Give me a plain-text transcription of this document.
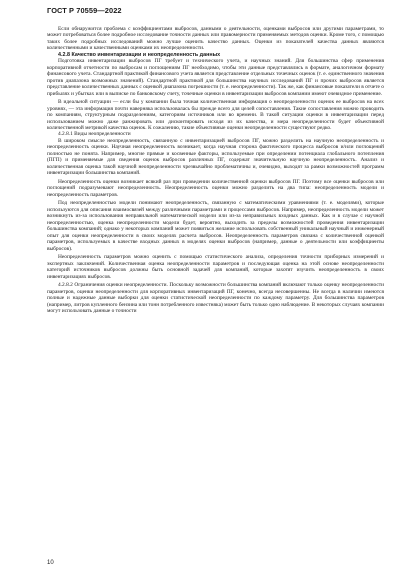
ГОСТ Р 70559—2022

Если обнаружится проблема с коэффициентами выбросов, данными о деятельности, оценками выбросов или другими параметрами, то может потребоваться более подробное исследование точности данных или правомерности применяемых методов оценки. Кроме того, с помощью таких более подробных исследований можно лучше оценить качество данных. Оценки из показателей качества данных являются количественными и качественными оценками их неопределенности.

4.2.8 Качество инвентаризации и неопределенность данных

Подготовка инвентаризации выбросов ПГ требует и технического учета, и научных знаний. Для большинства сфер применения корпоративной отчетности по выбросам и поглощениям ПГ необходимо, чтобы эти данные представлялись в формате, аналогичном формату финансового учета. Стандартной практикой финансового учета является представление отдельных точечных оценок (т. е. единственного значения против диапазона возможных значений). Стандартной практикой для большинства научных исследований ПГ и прочих выбросов является представление количественных данных с оценкой диапазона погрешности (т. е. неопределенности). Так же, как финансовые показатели в отчете о прибылях и убытках или в выписке по банковскому счету, точечные оценки в инвентаризации выбросов компании имеют очевидное применение.

В идеальной ситуации — если бы у компании была точная количественная информация о неопределенности оценок ее выбросов на всех уровнях, — эта информация почти наверняка использовалась бы прежде всего для целей сопоставления. Такие сопоставления можно проводить по компаниям, структурным подразделениям, категориям источников или во времени. В такой ситуации оценки в инвентаризации перед использованием можно даже ранжировать или дисконтировать исходя из их качества, и мера неопределенности будет объективной количественной метрикой качества оценок. К сожалению, такие объективные оценки неопределенности существуют редко.

4.2.8.1 Виды неопределенности

В широком смысле неопределенность, связанную с инвентаризацией выбросов ПГ, можно разделить на научную неопределенность и неопределенность оценки. Научная неопределенность возникает, когда научная сторона фактического процесса выбросов и/или поглощений полностью не понята. Например, многие прямые и косвенные факторы, используемые при определении потенциала глобального потепления (ПГП) и применяемые для сведения оценок выбросов различных ПГ, содержат значительную научную неопределенность. Анализ и количественная оценка такой научной неопределенности чрезвычайно проблематичны и, очевидно, выходят за рамки возможностей программ инвентаризации большинства компаний.

Неопределенность оценки возникает всякий раз при проведении количественной оценки выбросов ПГ. Поэтому все оценки выбросов или поглощений подразумевают неопределенность. Неопределенность оценки можно разделить на два типа: неопределенность модели и неопределенность параметров.

Под неопределенностью модели понимают неопределенность, связанную с математическими уравнениями (т. е. моделями), которые используются для описания взаимосвязей между различными параметрами и процессами выбросов. Например, неопределенность модели может возникнуть из-за использования неправильной математической модели или из-за неправильных входных данных. Как и в случае с научной неопределенностью, оценка неопределенности модели будет, вероятно, выходить за пределы возможностей проведения инвентаризации большинства компаний; однако у некоторых компаний может появиться желание использовать собственный уникальный научный и инженерный опыт для оценки неопределенности в своих моделях расчета выбросов. Неопределенность параметров связана с количественной оценкой параметров, используемых в качестве входных данных в моделях оценки выбросов (например, данные о деятельности или коэффициенты выбросов).

Неопределенность параметров можно оценить с помощью статистического анализа, определения точности приборных измерений и экспертных заключений. Количественная оценка неопределенности параметров и последующая оценка на этой основе неопределенности категорий источников выбросов должны быть основной задачей для компаний, которые захотят изучить неопределенность в своих инвентаризациях выбросов.

4.2.8.2 Ограничения оценки неопределенности. Поскольку возможности большинства компаний включают только оценку неопределенности параметров, оценки неопределенности для корпоративных инвентаризаций ПГ, конечно, всегда несовершенны. Не всегда в наличии имеются полные и надежные данные выборки для оценки статистической неопределенности по каждому параметру. Для большинства параметров (например, литров купленного бензина или тонн потребленного известняка) может быть только одно наблюдение. В некоторых случаях компании могут использовать данные о точности

10
